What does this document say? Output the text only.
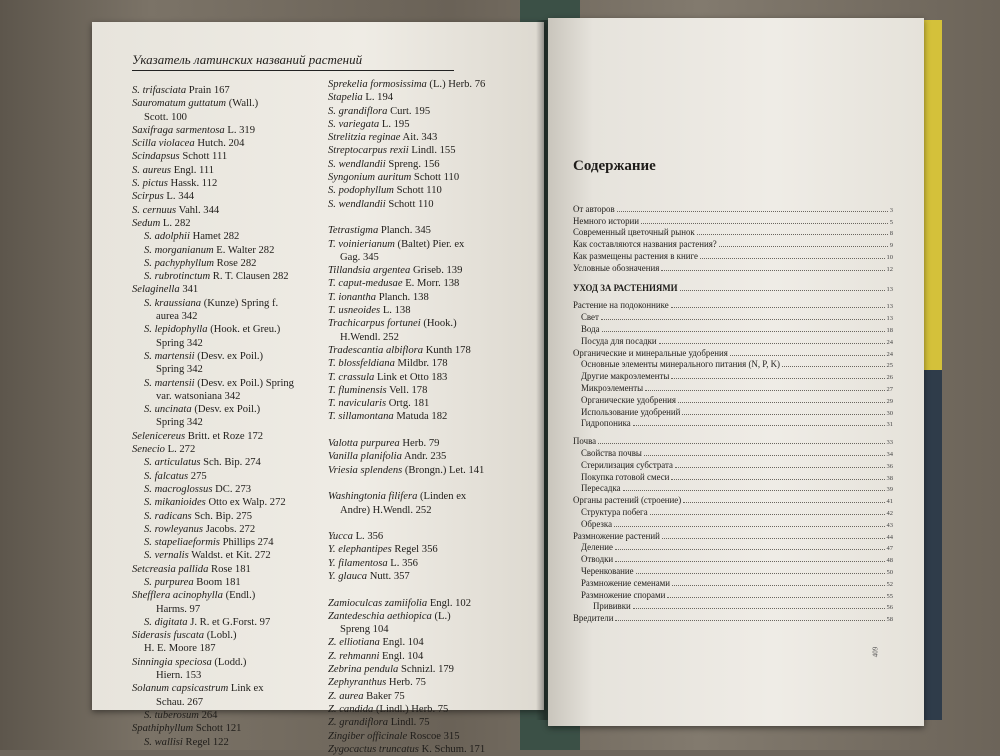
Указатель латинских названий растений
S. trifasciata Prain 167
Sauromatum guttatum (Wall.)
Scott. 100
Saxifraga sarmentosa L. 319
Scilla violacea Hutch. 204
Scindapsus Schott 111
S. aureus Engl. 111
S. pictus Hassk. 112
Scirpus L. 344
S. cernuus Vahl. 344
Sedum L. 282
S. adolphii Hamet 282
S. morganianum E. Walter 282
S. pachyphyllum Rose 282
S. rubrotinctum R. T. Clausen 282
Selaginella 341
S. kraussiana (Kunze) Spring f.
aurea 342
S. lepidophylla (Hook. et Greu.)
Spring 342
S. martensii (Desv. ex Poil.)
Spring 342
S. martensii (Desv. ex Poil.) Spring
var. watsoniana 342
S. uncinata (Desv. ex Poil.)
Spring 342
Selenicereus Britt. et Roze 172
Senecio L. 272
S. articulatus Sch. Bip. 274
S. falcatus 275
S. macroglossus DC. 273
S. mikanioides Otto ex Walp. 272
S. radicans Sch. Bip. 275
S. rowleyanus Jacobs. 272
S. stapeliaeformis Phillips 274
S. vernalis Waldst. et Kit. 272
Setcreasia pallida Rose 181
S. purpurea Boom 181
Shefflera acinophylla (Endl.)
Harms. 97
S. digitata J. R. et G.Forst. 97
Siderasis fuscata (Lobl.)
H. E. Moore 187
Sinningia speciosa (Lodd.)
Hiern. 153
Solanum capsicastrum Link ex
Schau. 267
S. tuberosum 264
Spathiphyllum Schott 121
S. wallisi Regel 122
Sprekelia formosissima (L.) Herb. 76
Stapelia L. 194
S. grandiflora Curt. 195
S. variegata L. 195
Strelitzia reginae Ait. 343
Streptocarpus rexii Lindl. 155
S. wendlandii Spreng. 156
Syngonium auritum Schott 110
S. podophyllum Schott 110
S. wendlandii Schott 110
Tetrastigma Planch. 345
T. voinierianum (Baltet) Pier. ex
Gag. 345
Tillandsia argentea Griseb. 139
T. caput-medusae E. Morr. 138
T. ionantha Planch. 138
T. usneoides L. 138
Trachicarpus fortunei (Hook.)
H.Wendl. 252
Tradescantia albiflora Kunth 178
T. blossfeldiana Mildbr. 178
T. crassula Link et Otto 183
T. fluminensis Vell. 178
T. navicularis Ortg. 181
T. sillamontana Matuda 182
Valotta purpurea Herb. 79
Vanilla planifolia Andr. 235
Vriesia splendens (Brongn.) Let. 141
Washingtonia filifera (Linden ex
Andre) H.Wendl. 252
Yucca L. 356
Y. elephantipes Regel 356
Y. filamentosa L. 356
Y. glauca Nutt. 357
Zamioculcas zamiifolia Engl. 102
Zantedeschia aethiopica (L.)
Spreng 104
Z. elliotiana Engl. 104
Z. rehmanni Engl. 104
Zebrina pendula Schnizl. 179
Zephyranthus Herb. 75
Z. aurea Baker 75
Z. candida (Lindl.) Herb. 75
Z. grandiflora Lindl. 75
Zingiber officinale Roscoe 315
Zygocactus truncatus K. Schum. 171
Содержание
От авторов	3
Немного истории	5
Современный цветочный рынок	8
Как составляются названия растения?	9
Как размещены растения в книге	10
Условные обозначения	12
УХОД ЗА РАСТЕНИЯМИ	13
Растение на подоконнике	13
Свет	13
Вода	18
Посуда для посадки	24
Органические и минеральные удобрения	24
Основные элементы минерального питания (N, P, K)	25
Другие макроэлементы	26
Микроэлементы	27
Органические удобрения	29
Использование удобрений	30
Гидропоника	31
Почва	33
Свойства почвы	34
Стерилизация субстрата	36
Покупка готовой смеси	38
Пересадка	39
Органы растений (строение)	41
Структура побега	42
Обрезка	43
Размножение растений	44
Деление	47
Отводки	48
Черенкование	50
Размножение семенами	52
Размножение спорами	55
Прививки	56
Вредители	58
409
